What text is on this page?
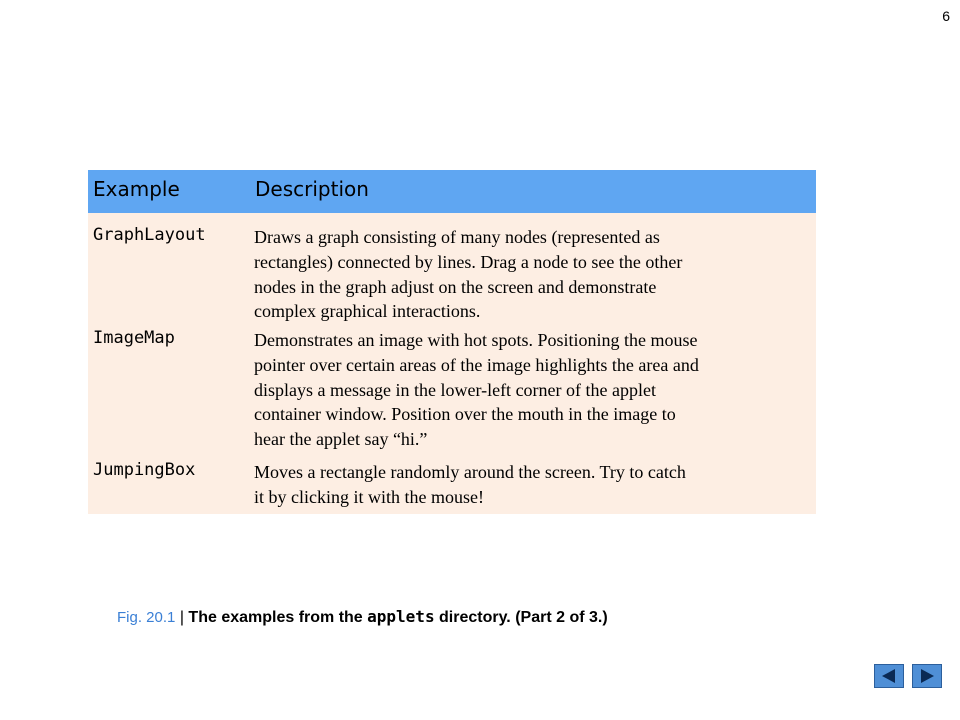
6
Example	Description
GraphLayout	Draws a graph consisting of many nodes (represented as
rectangles) connected by lines. Drag a node to see the other
nodes in the graph adjust on the screen and demonstrate
complex graphical interactions.
ImageMap	Demonstrates an image with hot spots. Positioning the mouse
pointer over certain areas of the image highlights the area and
displays a message in the lower-left corner of the applet
container window. Position over the mouth in the image to
hear the applet say “hi.”
JumpingBox	Moves a rectangle randomly around the screen. Try to catch
it by clicking it with the mouse!
Fig. 20.1 | The examples from the applets directory. (Part 2 of 3.)
